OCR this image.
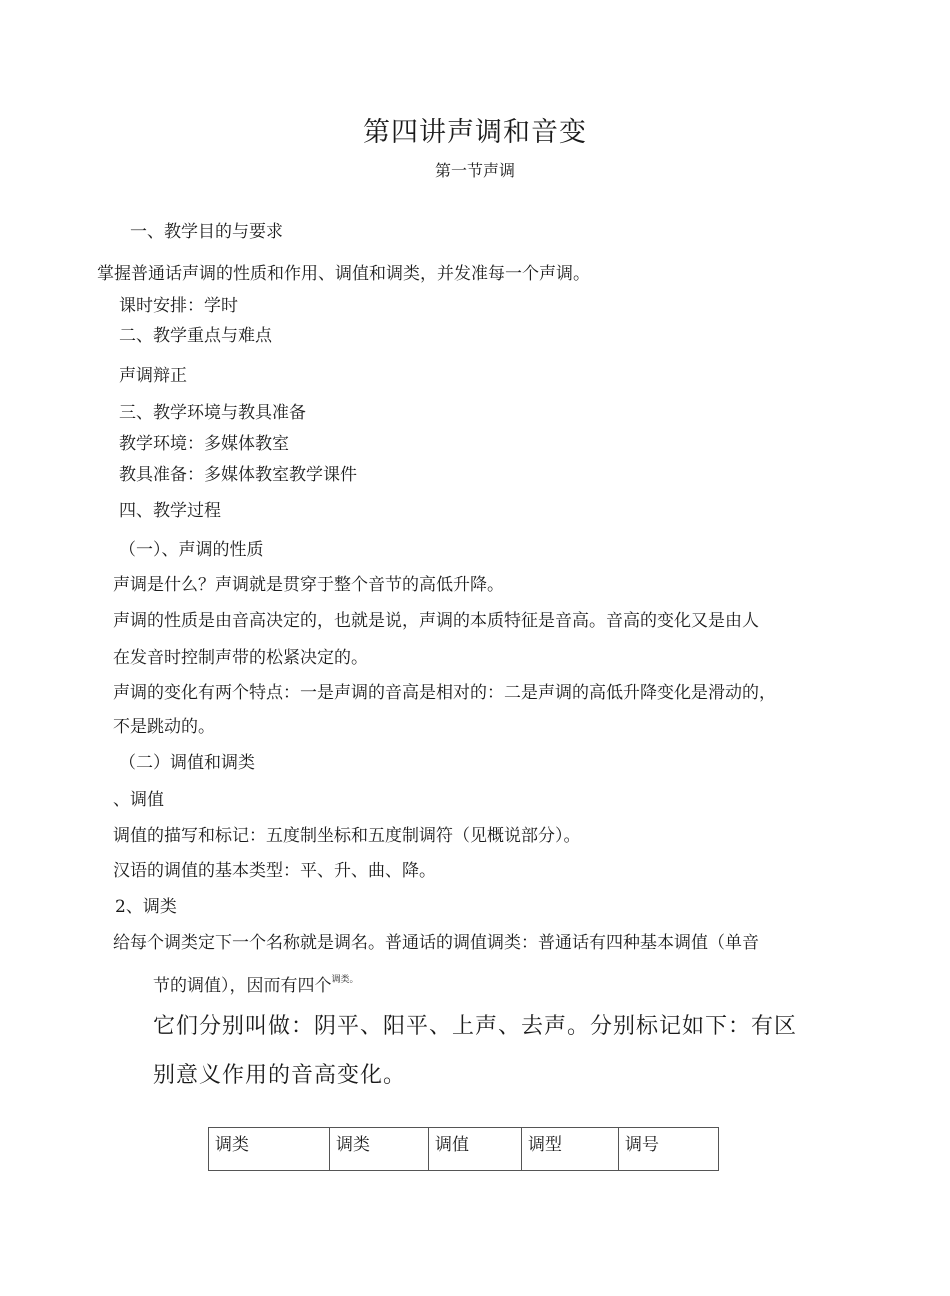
第四讲声调和音变
第一节声调
一、教学目的与要求
掌握普通话声调的性质和作用、调值和调类，并发准每一个声调。
课时安排：学时
二、教学重点与难点
声调辩正
三、教学环境与教具准备
教学环境：多媒体教室
教具准备：多媒体教室教学课件
四、教学过程
（一）、声调的性质
声调是什么？声调就是贯穿于整个音节的高低升降。
声调的性质是由音高决定的，也就是说，声调的本质特征是音高。音高的变化又是由人
在发音时控制声带的松紧决定的。
声调的变化有两个特点：一是声调的音高是相对的：二是声调的高低升降变化是滑动的，
不是跳动的。
（二）调值和调类
、调值
调值的描写和标记：五度制坐标和五度制调符（见概说部分）。
汉语的调值的基本类型：平、升、曲、降。
2、调类
给每个调类定下一个名称就是调名。普通话的调值调类：普通话有四种基本调值（单音
节的调值），因而有四个$^{调类。}$
它们分别叫做：阴平、阳平、上声、去声。分别标记如下：有区
别意义作用的音高变化。
调类	调类	调值	调型	调号
